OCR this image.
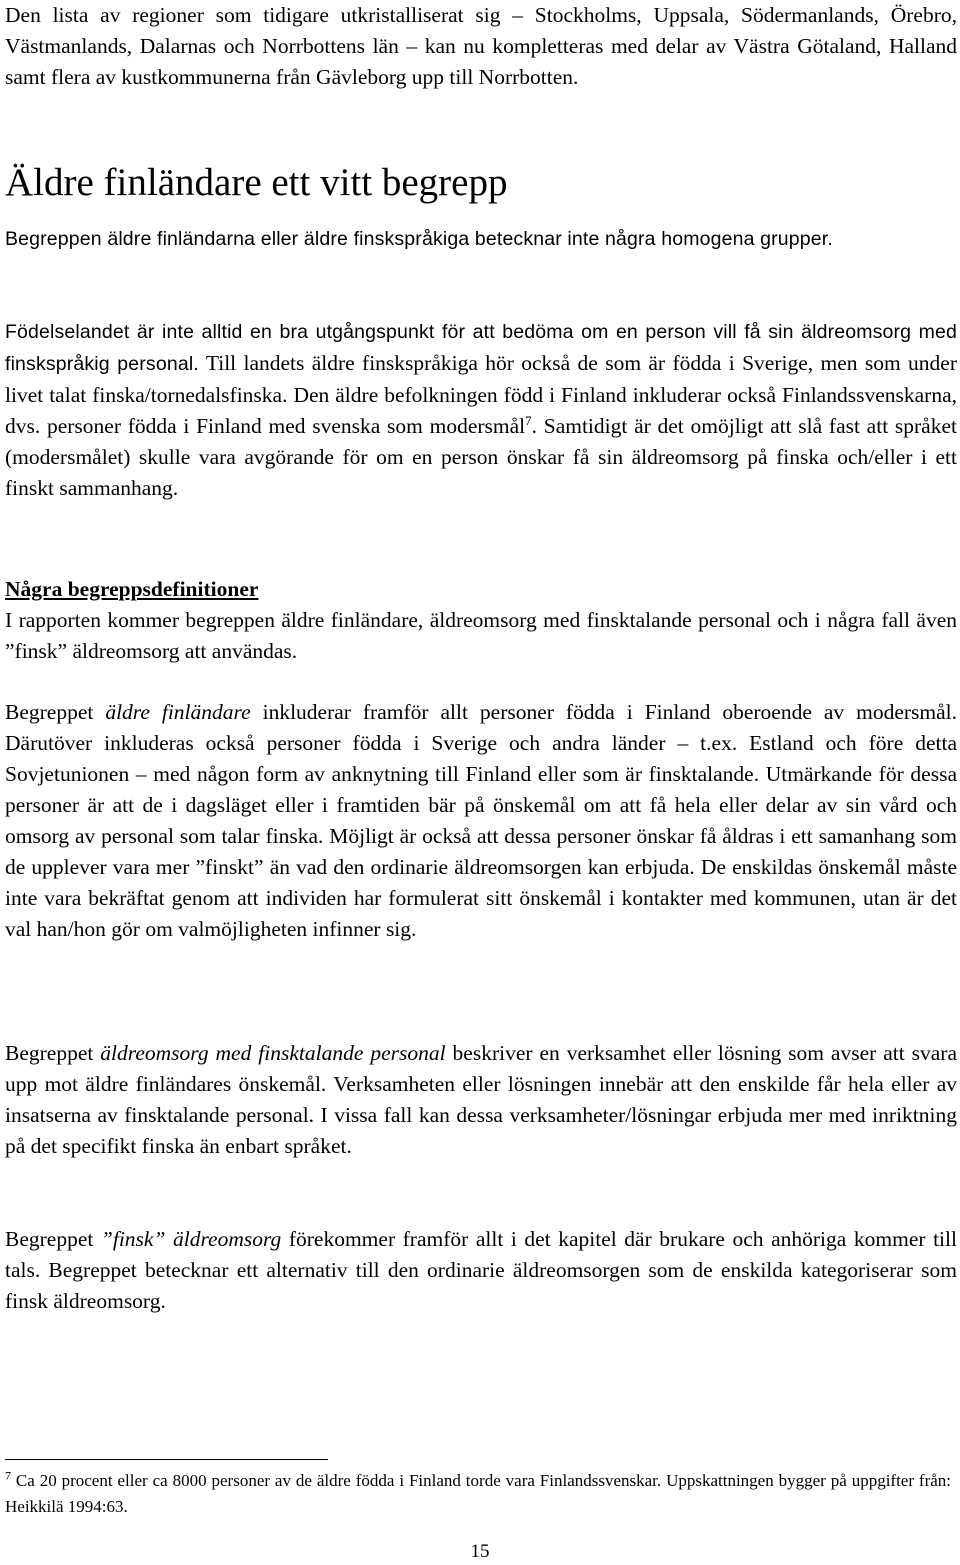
Den lista av regioner som tidigare utkristalliserat sig – Stockholms, Uppsala, Södermanlands, Örebro, Västmanlands, Dalarnas och Norrbottens län – kan nu kompletteras med delar av Västra Götaland, Halland samt flera av kustkommunerna från Gävleborg upp till Norrbotten.

Äldre finländare ett vitt begrepp

Begreppen äldre finländarna eller äldre finskspråkiga betecknar inte några homogena grupper.

Födelselandet är inte alltid en bra utgångspunkt för att bedöma om en person vill få sin äldreomsorg med finskspråkig personal. Till landets äldre finskspråkiga hör också de som är födda i Sverige, men som under livet talat finska/tornedalsfinska. Den äldre befolkningen född i Finland inkluderar också Finlandssvenskarna, dvs. personer födda i Finland med svenska som modersmål$^7$. Samtidigt är det omöjligt att slå fast att språket (modersmålet) skulle vara avgörande för om en person önskar få sin äldreomsorg på finska och/eller i ett finskt sammanhang.

Några begreppsdefinitioner
I rapporten kommer begreppen äldre finländare, äldreomsorg med finsktalande personal och i några fall även ”finsk” äldreomsorg att användas.

Begreppet äldre finländare inkluderar framför allt personer födda i Finland oberoende av modersmål. Därutöver inkluderas också personer födda i Sverige och andra länder – t.ex. Estland och före detta Sovjetunionen – med någon form av anknytning till Finland eller som är finsktalande. Utmärkande för dessa personer är att de i dagsläget eller i framtiden bär på önskemål om att få hela eller delar av sin vård och omsorg av personal som talar finska. Möjligt är också att dessa personer önskar få åldras i ett samanhang som de upplever vara mer ”finskt” än vad den ordinarie äldreomsorgen kan erbjuda. De enskildas önskemål måste inte vara bekräftat genom att individen har formulerat sitt önskemål i kontakter med kommunen, utan är det val han/hon gör om valmöjligheten infinner sig.

Begreppet äldreomsorg med finsktalande personal beskriver en verksamhet eller lösning som avser att svara upp mot äldre finländares önskemål. Verksamheten eller lösningen innebär att den enskilde får hela eller av insatserna av finsktalande personal. I vissa fall kan dessa verksamheter/lösningar erbjuda mer med inriktning på det specifikt finska än enbart språket.

Begreppet ”finsk” äldreomsorg förekommer framför allt i det kapitel där brukare och anhöriga kommer till tals. Begreppet betecknar ett alternativ till den ordinarie äldreomsorgen som de enskilda kategoriserar som finsk äldreomsorg.

$^7$ Ca 20 procent eller ca 8000 personer av de äldre födda i Finland torde vara Finlandssvenskar. Uppskattningen bygger på uppgifter från: Heikkilä 1994:63.

15
